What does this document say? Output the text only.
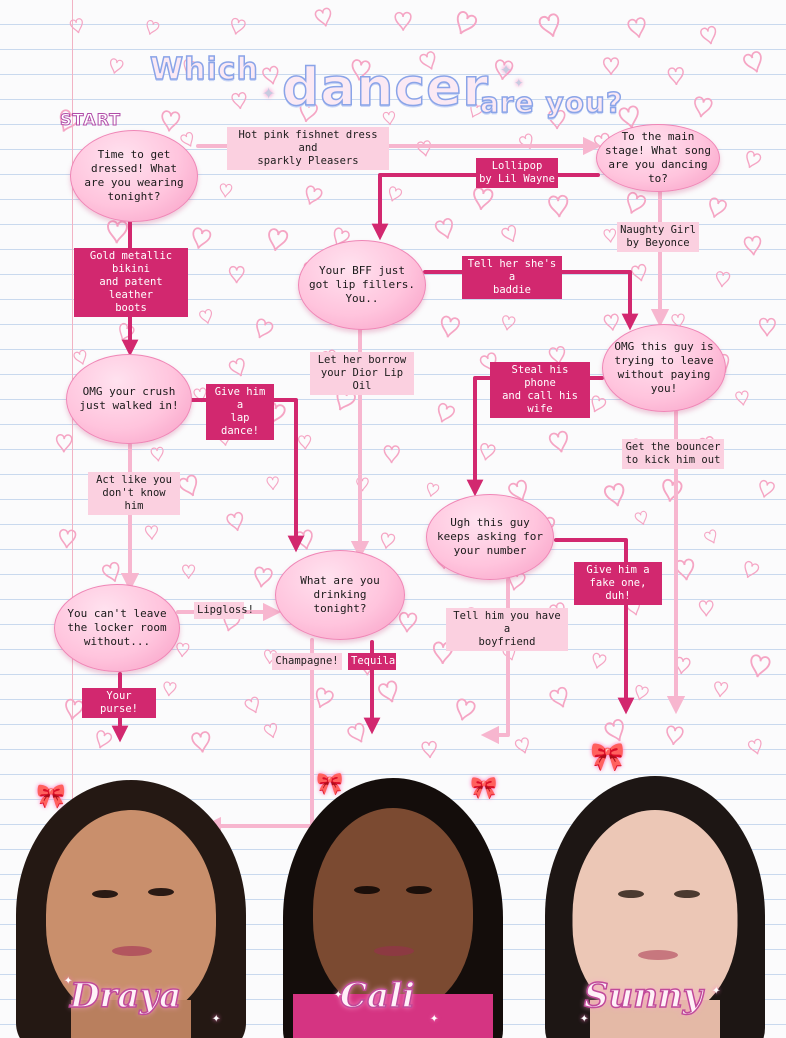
Which dancer
are you?
✦
✦
✦
START
Time to get dressed! What are you wearing tonight?
To the main stage! What song are you dancing to?
Your BFF just got lip fillers. You..
OMG your crush just walked in!
OMG this guy is trying to leave without paying you!
Ugh this guy keeps asking for your number
You can't leave the locker room without...
What are you drinking tonight?
Hot pink fishnet dress and
sparkly Pleasers
Gold metallic bikini
and patent leather
boots
Lollipop
by Lil Wayne
Naughty Girl
by Beyonce
Tell her she's a
baddie
Let her borrow
your Dior Lip Oil
Give him a
lap dance!
Act like you
don't know him
Steal his phone
and call his wife
Get the bouncer
to kick him out
Tell him you have a
boyfriend
Give him a
fake one, duh!
Lipgloss!
Champagne!	Tequila!
Your purse!
🎀
🎀
🎀	🎀
Draya	Cali	Sunny
✦
✦
✦
✦	✦
✦
